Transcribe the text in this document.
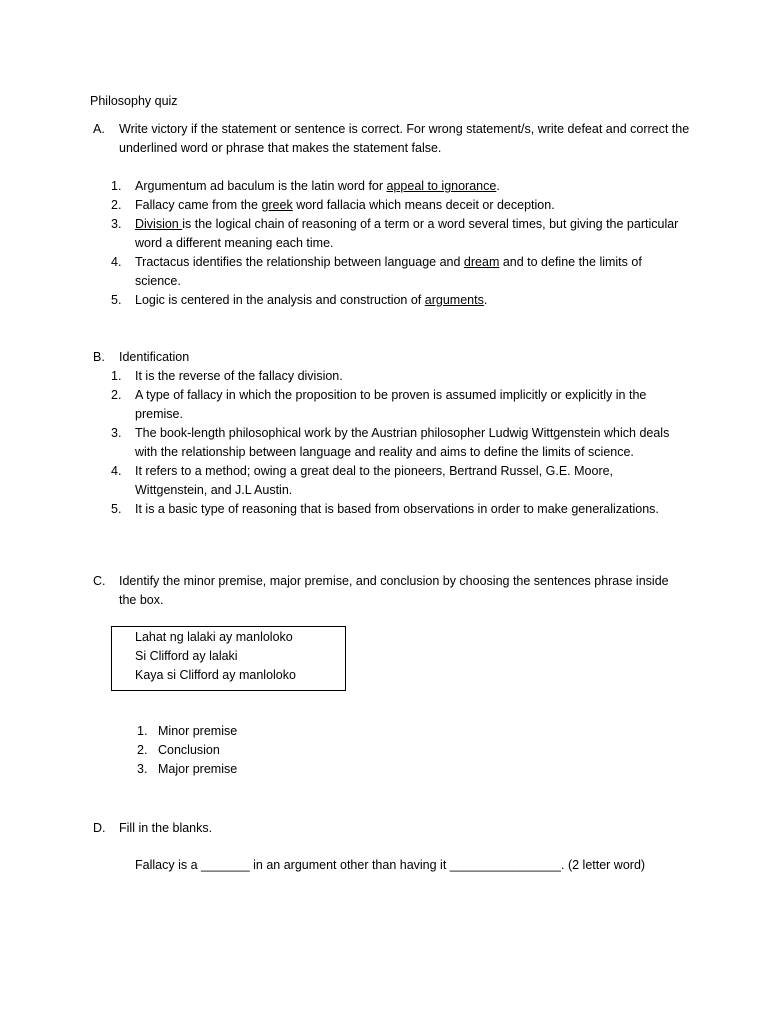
Philosophy quiz
A.	Write victory if the statement or sentence is correct. For wrong statement/s, write defeat and correct the underlined word or phrase that makes the statement false.
1.	Argumentum ad baculum is the latin word for appeal to ignorance.
2.	Fallacy came from the greek word fallacia which means deceit or deception.
3.	Division is the logical chain of reasoning of a term or a word several times, but giving the particular word a different meaning each time.
4.	Tractacus identifies the relationship between language and dream and to define the limits of science.
5.	Logic is centered in the analysis and construction of arguments.
B.	Identification
1.	It is the reverse of the fallacy division.
2.	A type of fallacy in which the proposition to be proven is assumed implicitly or explicitly in the premise.
3.	The book-length philosophical work by the Austrian philosopher Ludwig Wittgenstein which deals with the relationship between language and reality and aims to define the limits of science.
4.	It refers to a method; owing a great deal to the pioneers, Bertrand Russel, G.E. Moore, Wittgenstein, and J.L Austin.
5.	It is a basic type of reasoning that is based from observations in order to make generalizations.
C.	Identify the minor premise, major premise, and conclusion by choosing the sentences phrase inside the box.
Lahat ng lalaki ay manloloko
Si Clifford ay lalaki
Kaya si Clifford ay manloloko
1. Minor premise
2. Conclusion
3. Major premise
D.	Fill in the blanks.
Fallacy is a _______ in an argument other than having it ________________. (2 letter word)
